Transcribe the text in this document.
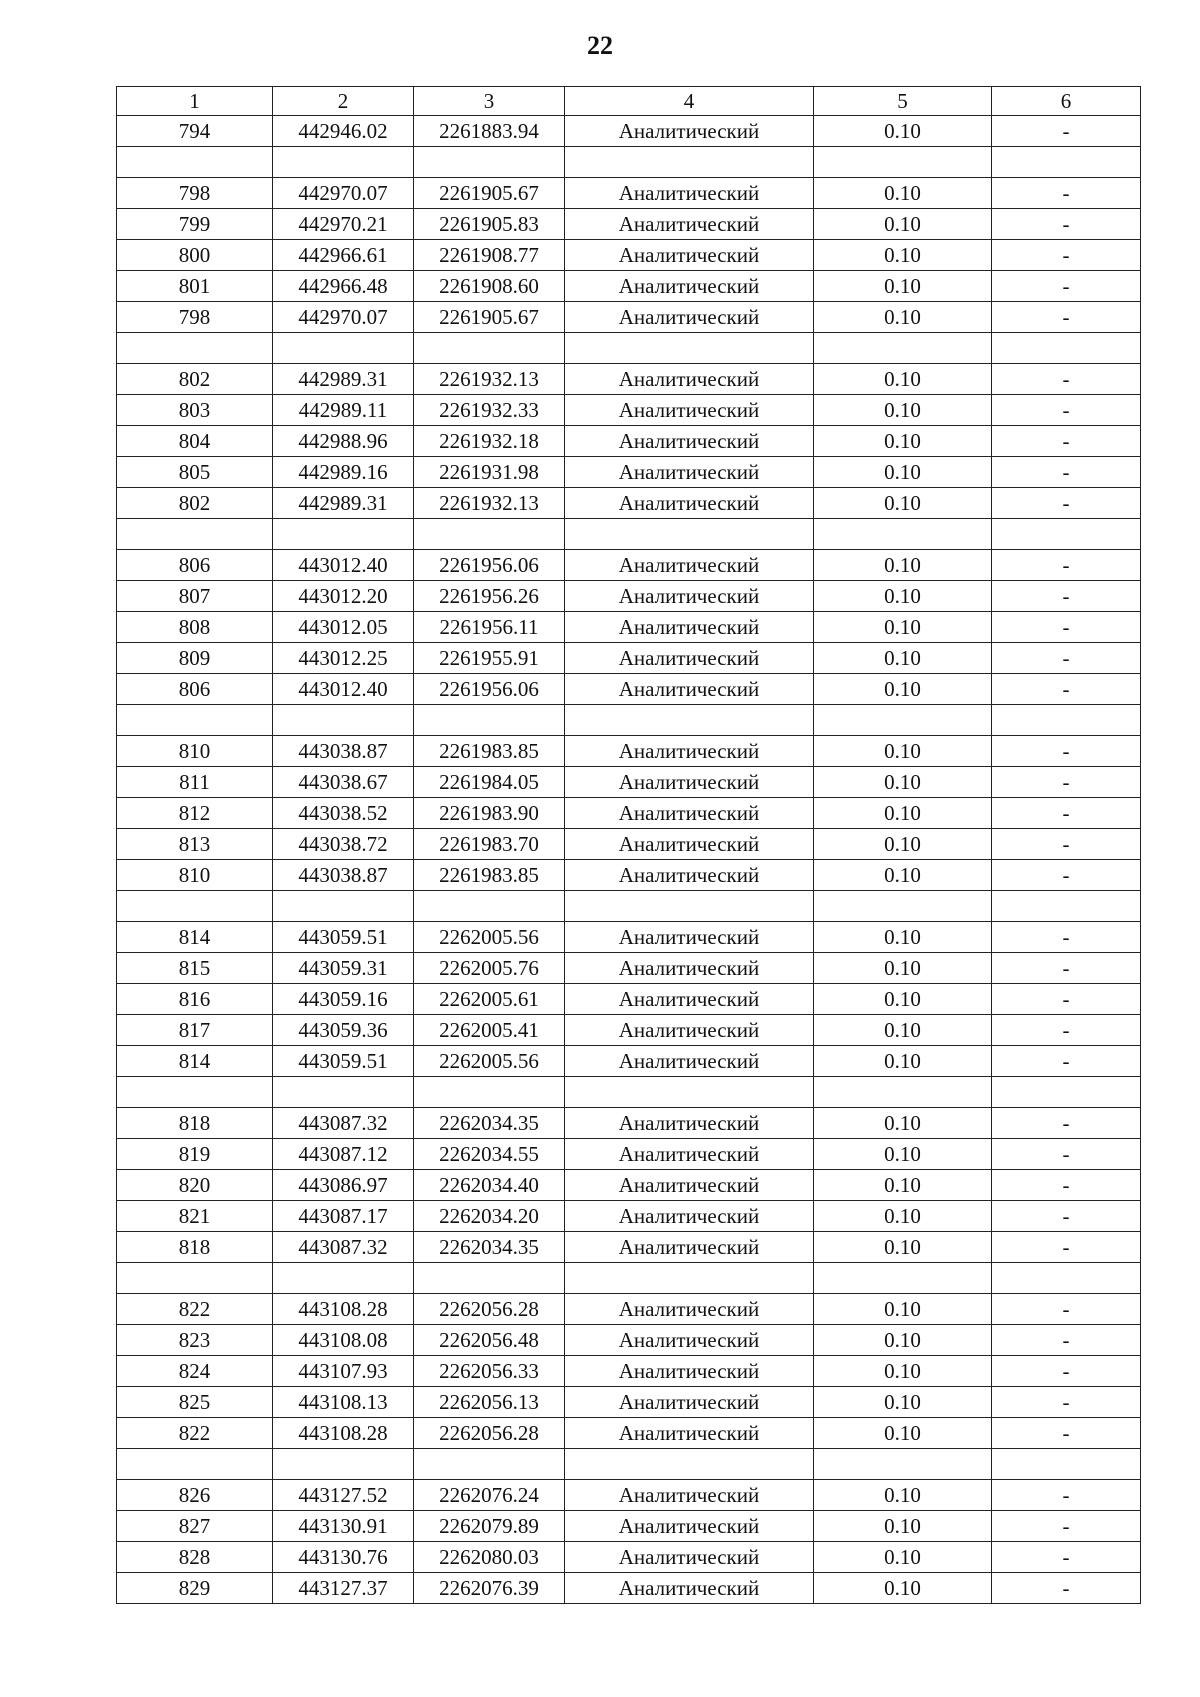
22
1	2	3	4	5	6
794	442946.02	2261883.94	Аналитический	0.10	-

798	442970.07	2261905.67	Аналитический	0.10	-
799	442970.21	2261905.83	Аналитический	0.10	-
800	442966.61	2261908.77	Аналитический	0.10	-
801	442966.48	2261908.60	Аналитический	0.10	-
798	442970.07	2261905.67	Аналитический	0.10	-

802	442989.31	2261932.13	Аналитический	0.10	-
803	442989.11	2261932.33	Аналитический	0.10	-
804	442988.96	2261932.18	Аналитический	0.10	-
805	442989.16	2261931.98	Аналитический	0.10	-
802	442989.31	2261932.13	Аналитический	0.10	-

806	443012.40	2261956.06	Аналитический	0.10	-
807	443012.20	2261956.26	Аналитический	0.10	-
808	443012.05	2261956.11	Аналитический	0.10	-
809	443012.25	2261955.91	Аналитический	0.10	-
806	443012.40	2261956.06	Аналитический	0.10	-

810	443038.87	2261983.85	Аналитический	0.10	-
811	443038.67	2261984.05	Аналитический	0.10	-
812	443038.52	2261983.90	Аналитический	0.10	-
813	443038.72	2261983.70	Аналитический	0.10	-
810	443038.87	2261983.85	Аналитический	0.10	-

814	443059.51	2262005.56	Аналитический	0.10	-
815	443059.31	2262005.76	Аналитический	0.10	-
816	443059.16	2262005.61	Аналитический	0.10	-
817	443059.36	2262005.41	Аналитический	0.10	-
814	443059.51	2262005.56	Аналитический	0.10	-

818	443087.32	2262034.35	Аналитический	0.10	-
819	443087.12	2262034.55	Аналитический	0.10	-
820	443086.97	2262034.40	Аналитический	0.10	-
821	443087.17	2262034.20	Аналитический	0.10	-
818	443087.32	2262034.35	Аналитический	0.10	-

822	443108.28	2262056.28	Аналитический	0.10	-
823	443108.08	2262056.48	Аналитический	0.10	-
824	443107.93	2262056.33	Аналитический	0.10	-
825	443108.13	2262056.13	Аналитический	0.10	-
822	443108.28	2262056.28	Аналитический	0.10	-

826	443127.52	2262076.24	Аналитический	0.10	-
827	443130.91	2262079.89	Аналитический	0.10	-
828	443130.76	2262080.03	Аналитический	0.10	-
829	443127.37	2262076.39	Аналитический	0.10	-
